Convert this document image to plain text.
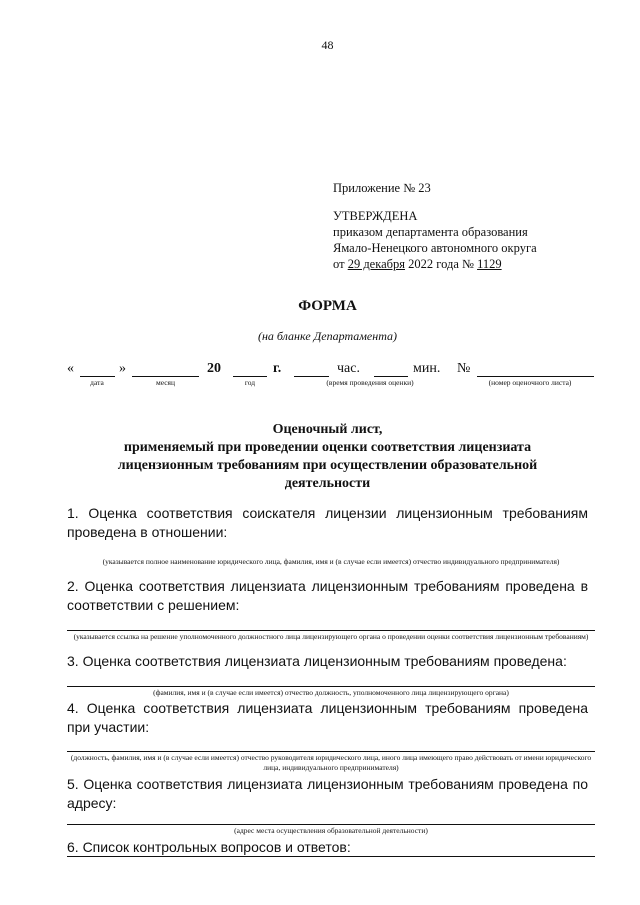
48
Приложение № 23
УТВЕРЖДЕНА
приказом департамента образования
Ямало-Ненецкого автономного округа
от 29 декабря 2022 года № 1129
ФОРМА
(на бланке Департамента)
«	»	20	г.	час.	мин. №
дата	месяц	год	(время проведения оценки)	(номер оценочного листа)
Оценочный лист,
применяемый при проведении оценки соответствия лицензиата
лицензионным требованиям при осуществлении образовательной
деятельности
1. Оценка соответствия соискателя лицензии лицензионным требованиям проведена в отношении:
(указывается полное наименование юридического лица, фамилия, имя и (в случае если имеется) отчество индивидуального предпринимателя)
2. Оценка соответствия лицензиата лицензионным требованиям проведена в соответствии с решением:
(указывается ссылка на решение уполномоченного должностного лица лицензирующего органа о проведении оценки соответствия лицензионным требованиям)
3. Оценка соответствия лицензиата лицензионным требованиям проведена:
(фамилия, имя и (в случае если имеется) отчество должность, уполномоченного лица лицензирующего органа)
4. Оценка соответствия лицензиата лицензионным требованиям проведена при участии:
(должность, фамилия, имя и (в случае если имеется) отчество руководителя юридического лица, иного лица имеющего право действовать от имени юридического лица, индивидуального предпринимателя)
5. Оценка соответствия лицензиата лицензионным требованиям проведена по адресу:
(адрес места осуществления образовательной деятельности)
6. Список контрольных вопросов и ответов:
